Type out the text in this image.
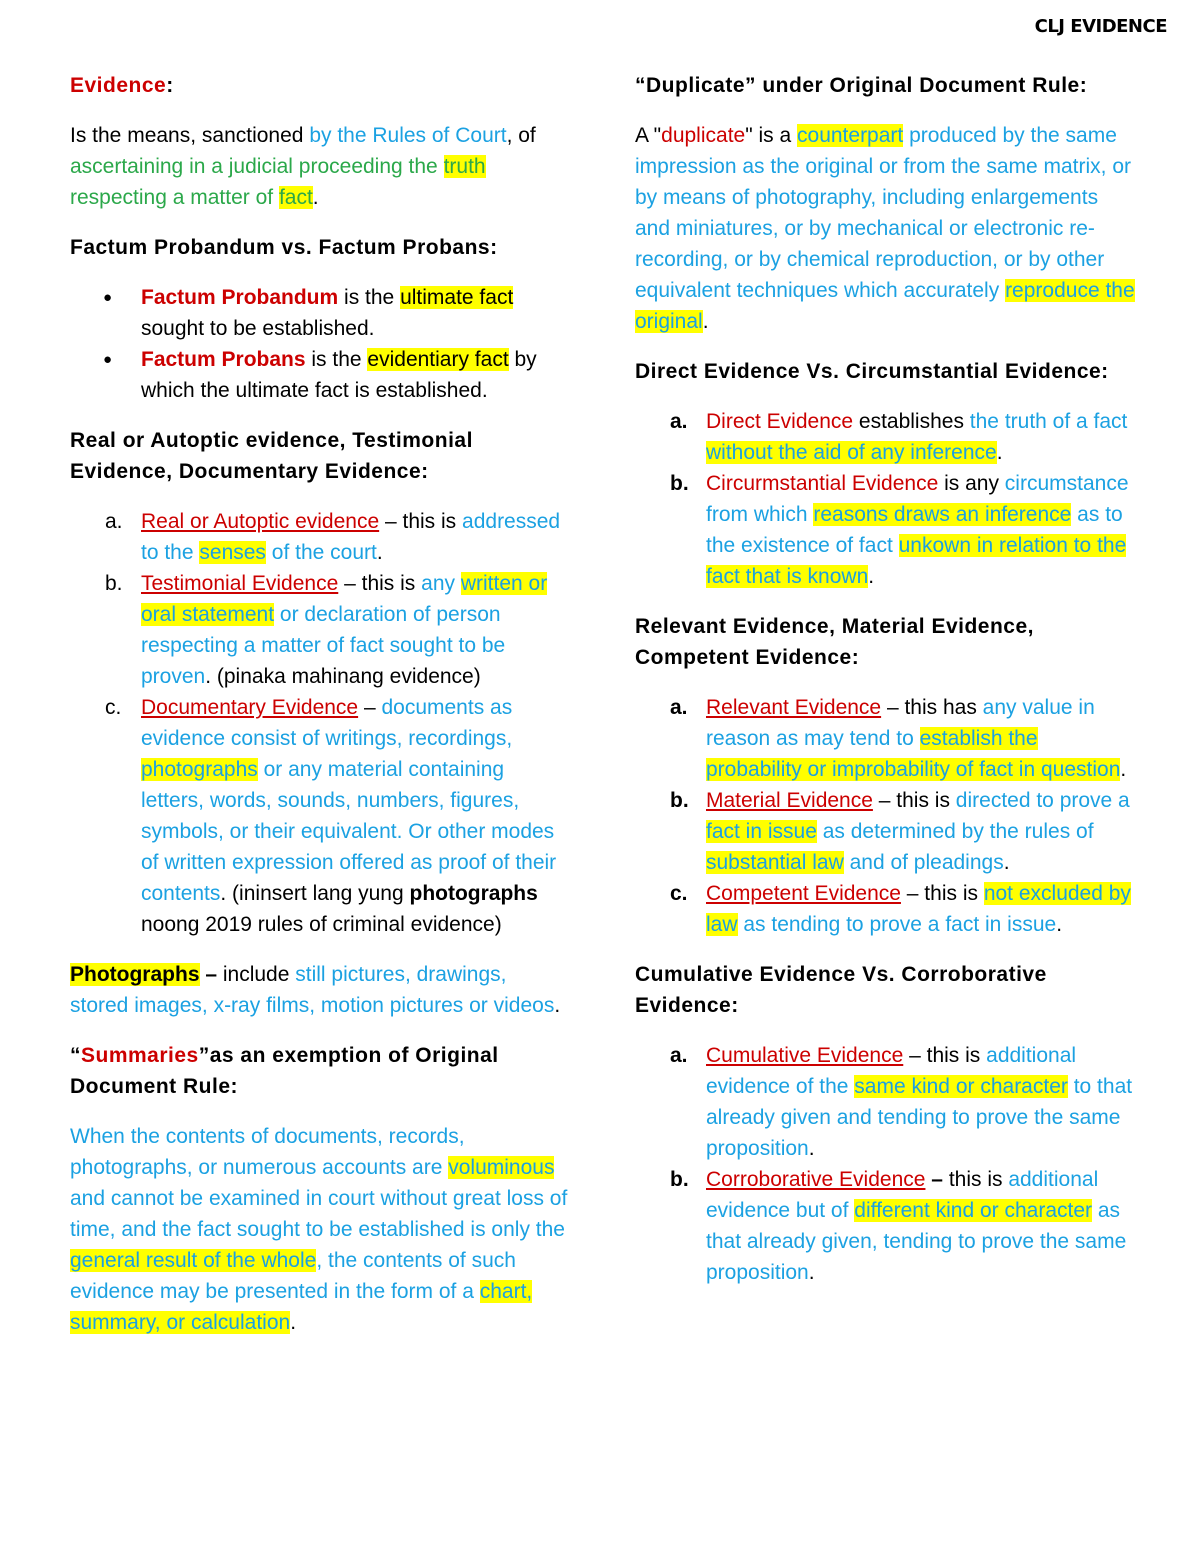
CLJ EVIDENCE

Evidence:

Is the means, sanctioned by the Rules of Court, of ascertaining in a judicial proceeding the truth respecting a matter of fact.

Factum Probandum vs. Factum Probans:

● Factum Probandum is the ultimate fact sought to be established.
● Factum Probans is the evidentiary fact by which the ultimate fact is established.

Real or Autoptic evidence, Testimonial Evidence, Documentary Evidence:

a. Real or Autoptic evidence – this is addressed to the senses of the court.
b. Testimonial Evidence – this is any written or oral statement or declaration of person respecting a matter of fact sought to be proven. (pinaka mahinang evidence)
c. Documentary Evidence – documents as evidence consist of writings, recordings, photographs or any material containing letters, words, sounds, numbers, figures, symbols, or their equivalent. Or other modes of written expression offered as proof of their contents. (ininsert lang yung photographs noong 2019 rules of criminal evidence)

Photographs – include still pictures, drawings, stored images, x-ray films, motion pictures or videos.

“Summaries”as an exemption of Original Document Rule:

When the contents of documents, records, photographs, or numerous accounts are voluminous and cannot be examined in court without great loss of time, and the fact sought to be established is only the general result of the whole, the contents of such evidence may be presented in the form of a chart, summary, or calculation.

“Duplicate” under Original Document Rule:

A "duplicate" is a counterpart produced by the same impression as the original or from the same matrix, or by means of photography, including enlargements and miniatures, or by mechanical or electronic re-recording, or by chemical reproduction, or by other equivalent techniques which accurately reproduce the original.

Direct Evidence Vs. Circumstantial Evidence:

a. Direct Evidence establishes the truth of a fact without the aid of any inference.
b. Circurmstantial Evidence is any circumstance from which reasons draws an inference as to the existence of fact unkown in relation to the fact that is known.

Relevant Evidence, Material Evidence, Competent Evidence:

a. Relevant Evidence – this has any value in reason as may tend to establish the probability or improbability of fact in question.
b. Material Evidence – this is directed to prove a fact in issue as determined by the rules of substantial law and of pleadings.
c. Competent Evidence – this is not excluded by law as tending to prove a fact in issue.

Cumulative Evidence Vs. Corroborative Evidence:

a. Cumulative Evidence – this is additional evidence of the same kind or character to that already given and tending to prove the same proposition.
b. Corroborative Evidence – this is additional evidence but of different kind or character as that already given, tending to prove the same proposition.
